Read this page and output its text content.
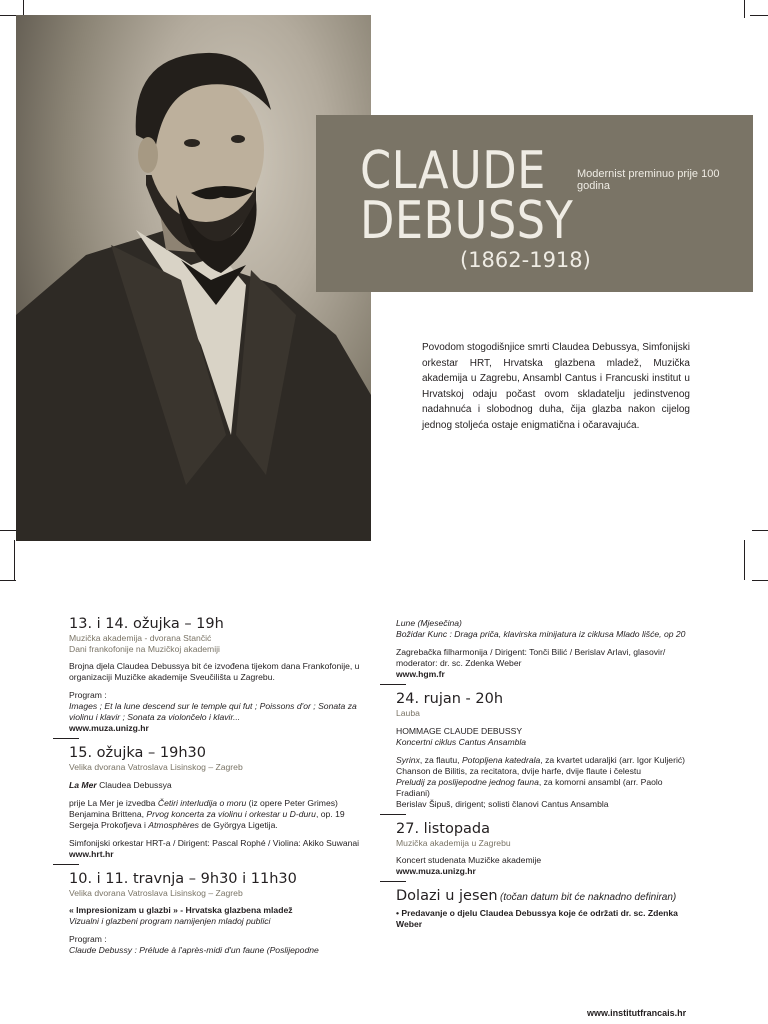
CLAUDE
DEBUSSY
Modernist preminuo prije 100 godina
(1862-1918)
Povodom stogodišnjice smrti Claudea Debussya, Simfonijski orkestar HRT, Hrvatska glazbena mladež, Muzička akademija u Zagrebu, Ansambl Cantus i Francuski institut u Hrvatskoj odaju počast ovom skladatelju jedinstvenog nadahnuća i slobodnog duha, čija glazba nakon cijelog jednog stoljeća ostaje enigmatična i očaravajuća.
13. i 14. ožujka – 19h
Muzička akademija - dvorana Stančić
Dani frankofonije na Muzičkoj akademiji

Brojna djela Claudea Debussya bit će izvođena tijekom dana Frankofonije, u organizaciji Muzičke akademije Sveučilišta u Zagrebu.

Program :

Images ; Et la lune descend sur le temple qui fut ; Poissons d'or ; Sonata za violinu i klavir ; Sonata za violončelo i klavir...

www.muza.unizg.hr

15. ožujka – 19h30
Velika dvorana Vatroslava Lisinskog – Zagreb

La Mer Claudea Debussya

prije La Mer je izvedba Četiri interludija o moru (iz opere Peter Grimes) Benjamina Brittena, Prvog koncerta za violinu i orkestar u D-duru, op. 19 Sergeja Prokofjeva i Atmosphères de Györgya Ligetija.

Simfonijski orkestar HRT-a / Dirigent: Pascal Rophé / Violina: Akiko Suwanai

www.hrt.hr

10. i 11. travnja – 9h30 i 11h30
Velika dvorana Vatroslava Lisinskog – Zagreb

« Impresionizam u glazbi » - Hrvatska glazbena mladež

Vizualni i glazbeni program namijenjen mladoj publici

Program :

Claude Debussy : Prélude à l'après-midi d'un faune (Poslijepodne

Lune (Mjesečina)

Božidar Kunc : Draga priča, klavirska minijatura iz ciklusa Mlado lišće, op 20

Zagrebačka filharmonija / Dirigent: Tonči Bilić / Berislav Arlavi, glasovir/ moderator: dr. sc. Zdenka Weber

www.hgm.fr

24. rujan - 20h
Lauba

HOMMAGE CLAUDE DEBUSSY

Koncertni ciklus Cantus Ansambla

Syrinx, za flautu, Potopljena katedrala, za kvartet udaraljki (arr. Igor Kuljerić)

Chanson de Bilitis, za recitatora, dvije harfe, dvije flaute i čelestu

Preludij za poslijepodne jednog fauna, za komorni ansambl (arr. Paolo Fradiani)

Berislav Šipuš, dirigent; solisti članovi Cantus Ansambla

27. listopada
Muzička akademija u Zagrebu

Koncert studenata Muzičke akademije

www.muza.unizg.hr

Dolazi u jesen (točan datum bit će naknadno definiran)

• Predavanje o djelu Claudea Debussya koje će održati dr. sc. Zdenka Weber

www.institutfrancais.hr
